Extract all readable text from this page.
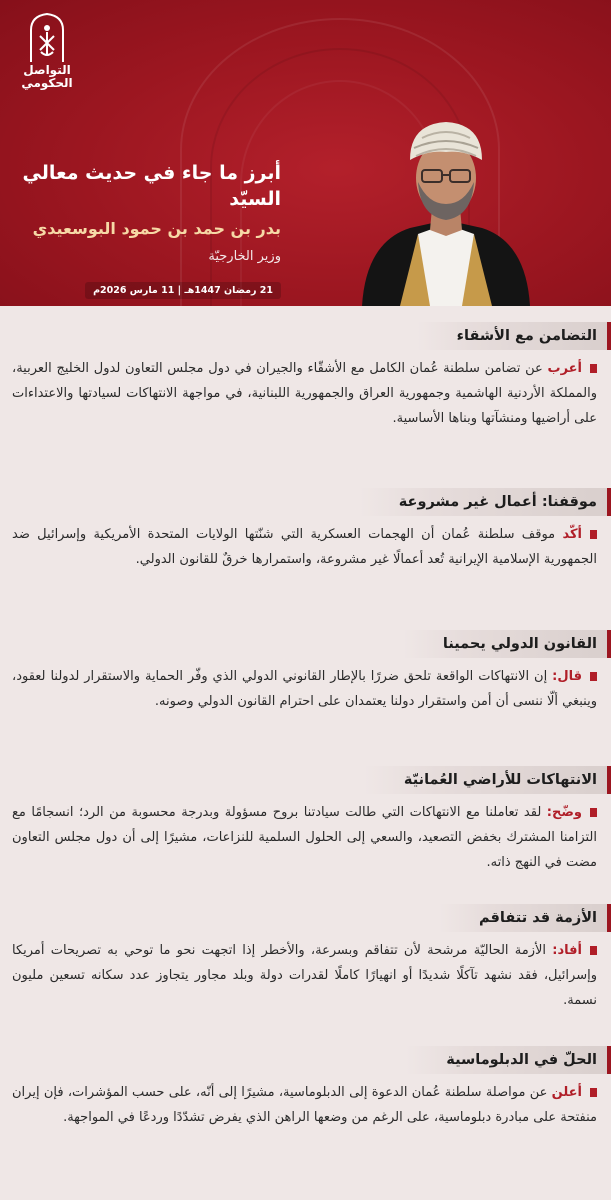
التواصل
الحكومي
أبرز ما جاء في حديث معالي السيّد
بدر بن حمد بن حمود البوسعيدي
وزير الخارجيّة
21 رمضان 1447هـ | 11 مارس 2026م
التضامن مع الأشقاء
أعرب عن تضامن سلطنة عُمان الكامل مع الأشقّاء والجيران في دول مجلس التعاون لدول الخليج العربية، والمملكة الأردنية الهاشمية وجمهورية العراق والجمهورية اللبنانية، في مواجهة الانتهاكات لسيادتها والاعتداءات على أراضيها ومنشآتها وبناها الأساسية.
موقفنا: أعمال غير مشروعة
أكّد موقف سلطنة عُمان أن الهجمات العسكرية التي شنّتها الولايات المتحدة الأمريكية وإسرائيل ضد الجمهورية الإسلامية الإيرانية تُعد أعمالًا غير مشروعة، واستمرارها خرقٌ للقانون الدولي.
القانون الدولي يحمينا
قال: إن الانتهاكات الواقعة تلحق ضررًا بالإطار القانوني الدولي الذي وفّر الحماية والاستقرار لدولنا لعقود، وينبغي ألّا ننسى أن أمن واستقرار دولنا يعتمدان على احترام القانون الدولي وصونه.
الانتهاكات للأراضي العُمانيّة
وضّح: لقد تعاملنا مع الانتهاكات التي طالت سيادتنا بروح مسؤولة وبدرجة محسوبة من الرد؛ انسجامًا مع التزامنا المشترك بخفض التصعيد، والسعي إلى الحلول السلمية للنزاعات، مشيرًا إلى أن دول مجلس التعاون مضت في النهج ذاته.
الأزمة قد تتفاقم
أفاد: الأزمة الحاليّة مرشحة لأن تتفاقم وبسرعة، والأخطر إذا اتجهت نحو ما توحي به تصريحات أمريكا وإسرائيل، فقد نشهد تآكلًا شديدًا أو انهيارًا كاملًا لقدرات دولة وبلد مجاور يتجاوز عدد سكانه تسعين مليون نسمة.
الحلّ في الدبلوماسية
أعلن عن مواصلة سلطنة عُمان الدعوة إلى الدبلوماسية، مشيرًا إلى أنّه، على حسب المؤشرات، فإن إيران منفتحة على مبادرة دبلوماسية، على الرغم من وضعها الراهن الذي يفرض تشدّدًا وردعًا في المواجهة.
